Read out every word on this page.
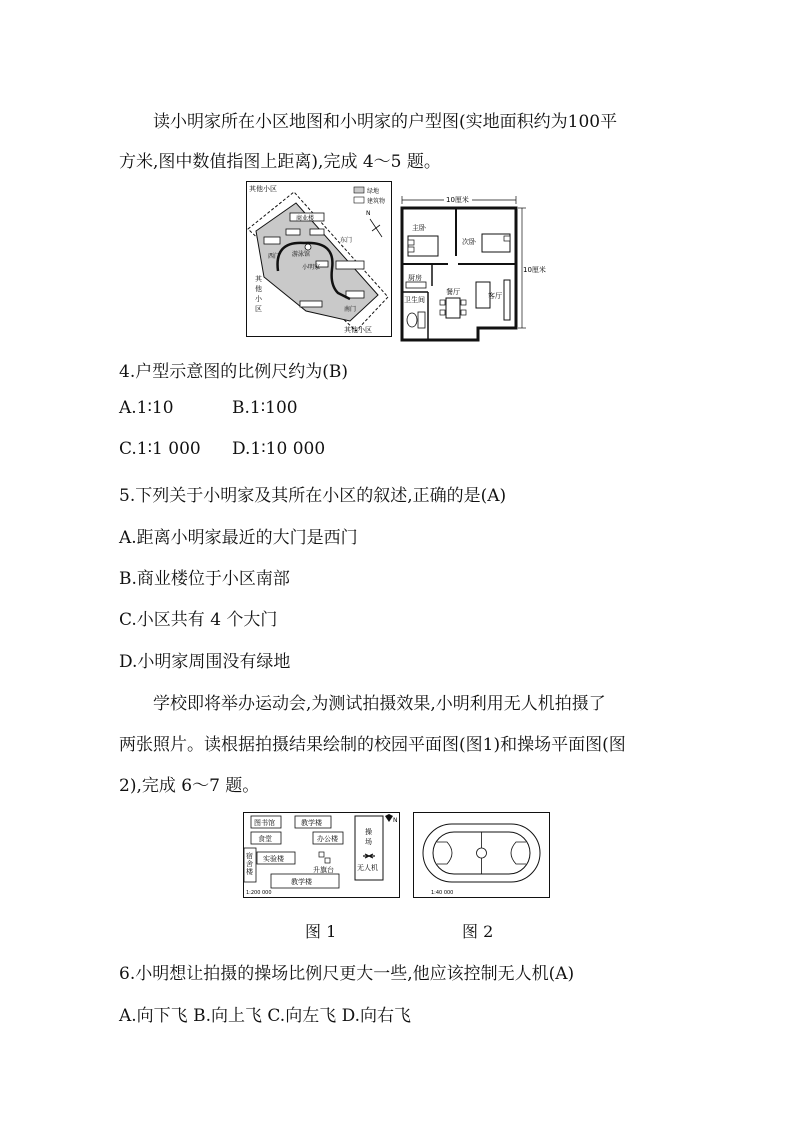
读小明家所在小区地图和小明家的户型图(实地面积约为100平
方米,图中数值指图上距离),完成 4～5 题。
绿地
建筑物
N
其他小区
其
他
小
区
其他小区
商业楼
西门
东门
南门
游泳馆
小明家
10厘米
10厘米
主卧
次卧
厨房
餐厅	客厅
卫生间
4.户型示意图的比例尺约为(B)
A.1∶10	B.1∶100
C.1∶1 000 D.1∶10 000
5.下列关于小明家及其所在小区的叙述,正确的是(A)
A.距离小明家最近的大门是西门
B.商业楼位于小区南部
C.小区共有 4 个大门
D.小明家周围没有绿地
学校即将举办运动会,为测试拍摄效果,小明利用无人机拍摄了
两张照片。读根据拍摄结果绘制的校园平面图(图1)和操场平面图(图
2),完成 6～7 题。
图书馆	教学楼
食堂	办公楼
实验楼
升旗台
教学楼
宿
舍
楼
操
场
无人机
N
1:200 000	1:40 000
图 1	图 2
6.小明想让拍摄的操场比例尺更大一些,他应该控制无人机(A)
A.向下飞 B.向上飞 C.向左飞 D.向右飞
